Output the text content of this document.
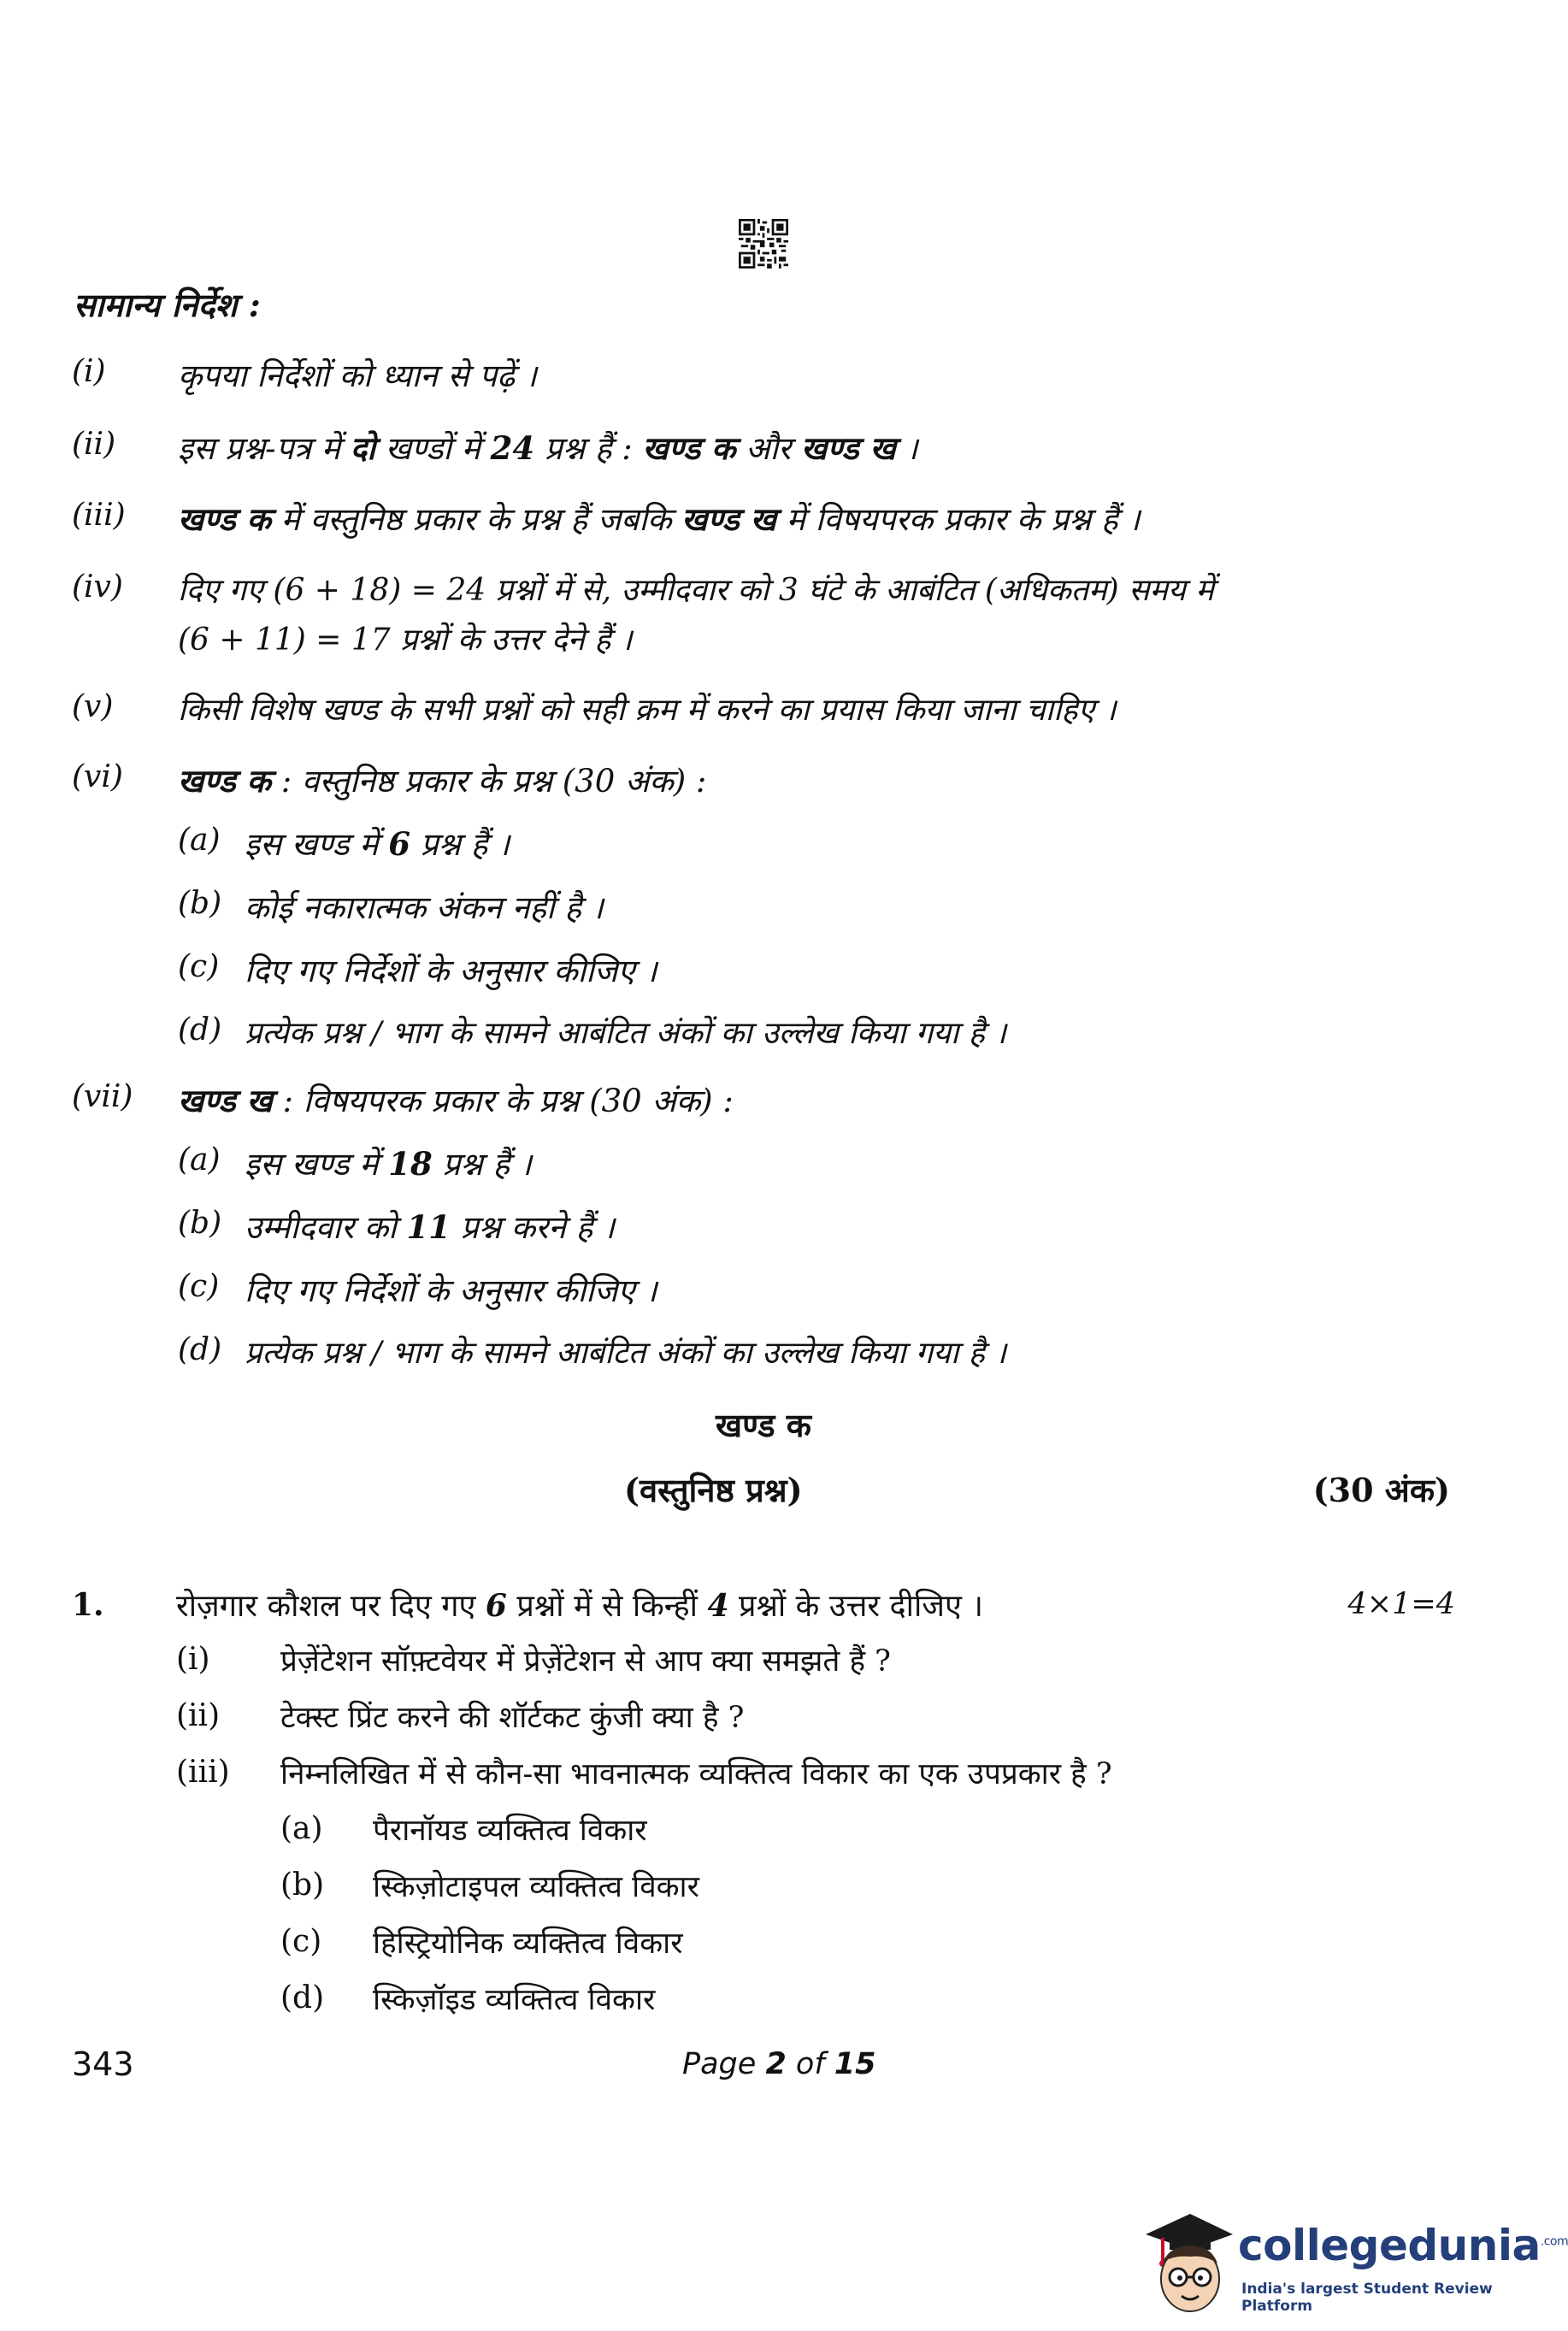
सामान्य निर्देश :
(i) कृपया निर्देशों को ध्यान से पढ़ें ।
(ii) इस प्रश्न-पत्र में दो खण्डों में 24 प्रश्न हैं : खण्ड क और खण्ड ख ।
(iii) खण्ड क में वस्तुनिष्ठ प्रकार के प्रश्न हैं जबकि खण्ड ख में विषयपरक प्रकार के प्रश्न हैं ।
(iv) दिए गए (6 + 18) = 24 प्रश्नों में से, उम्मीदवार को 3 घंटे के आबंटित (अधिकतम) समय में
(6 + 11) = 17 प्रश्नों के उत्तर देने हैं ।
(v) किसी विशेष खण्ड के सभी प्रश्नों को सही क्रम में करने का प्रयास किया जाना चाहिए ।
(vi) खण्ड क : वस्तुनिष्ठ प्रकार के प्रश्न (30 अंक) :
(a) इस खण्ड में 6 प्रश्न हैं ।
(b) कोई नकारात्मक अंकन नहीं है ।
(c) दिए गए निर्देशों के अनुसार कीजिए ।
(d) प्रत्येक प्रश्न / भाग के सामने आबंटित अंकों का उल्लेख किया गया है ।
(vii) खण्ड ख : विषयपरक प्रकार के प्रश्न (30 अंक) :
(a) इस खण्ड में 18 प्रश्न हैं ।
(b) उम्मीदवार को 11 प्रश्न करने हैं ।
(c) दिए गए निर्देशों के अनुसार कीजिए ।
(d) प्रत्येक प्रश्न / भाग के सामने आबंटित अंकों का उल्लेख किया गया है ।
खण्ड क
(वस्तुनिष्ठ प्रश्न)	(30 अंक)
1. रोज़गार कौशल पर दिए गए 6 प्रश्नों में से किन्हीं 4 प्रश्नों के उत्तर दीजिए ।	4×1=4
(i) प्रेज़ेंटेशन सॉफ़्टवेयर में प्रेज़ेंटेशन से आप क्या समझते हैं ?
(ii) टेक्स्ट प्रिंट करने की शॉर्टकट कुंजी क्या है ?
(iii) निम्नलिखित में से कौन-सा भावनात्मक व्यक्तित्व विकार का एक उपप्रकार है ?
(a) पैरानॉयड व्यक्तित्व विकार
(b) स्किज़ोटाइपल व्यक्तित्व विकार
(c) हिस्ट्रियोनिक व्यक्तित्व विकार
(d) स्किज़ॉइड व्यक्तित्व विकार
343	Page 2 of 15
collegedunia$^{.com}$
India's largest Student Review Platform
